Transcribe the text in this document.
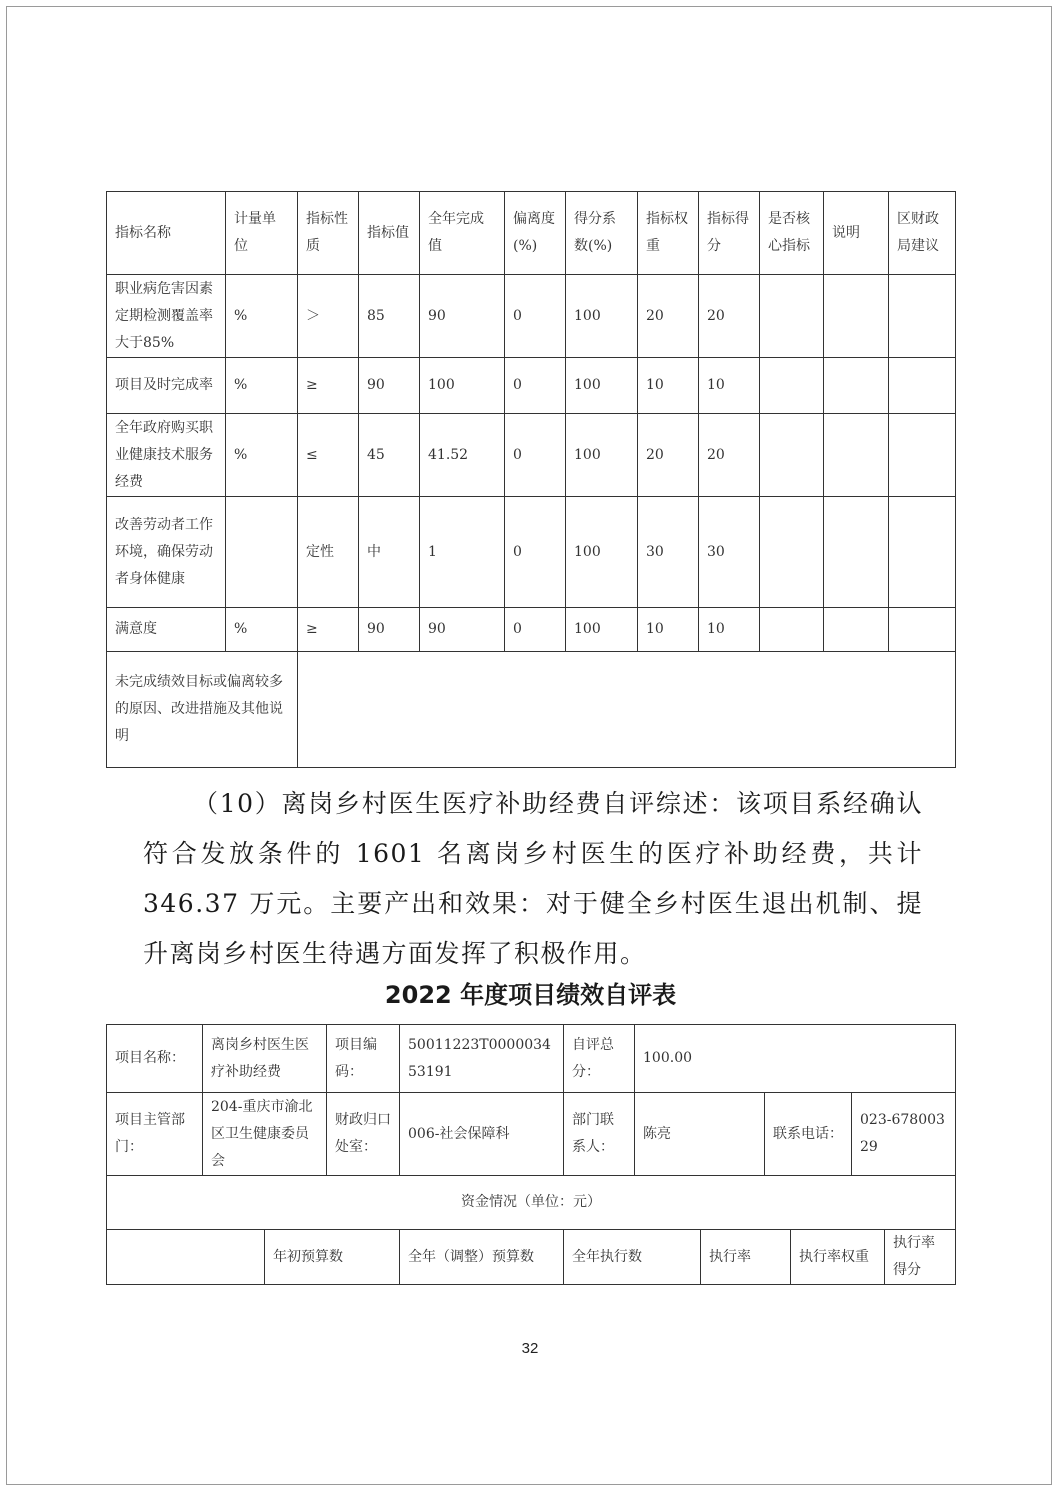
指标名称	计量单位	指标性质	指标值	全年完成值	偏离度(%)	得分系数(%)	指标权重	指标得分	是否核心指标	说明	区财政局建议
职业病危害因素定期检测覆盖率大于85%	%	＞	85	90	0	100	20	20			
项目及时完成率	%	≥	90	100	0	100	10	10			
全年政府购买职业健康技术服务经费	%	≤	45	41.52	0	100	20	20			
改善劳动者工作环境，确保劳动者身体健康		定性	中	1	0	100	30	30			
满意度	%	≥	90	90	0	100	10	10			
未完成绩效目标或偏离较多的原因、改进措施及其他说明											

（10）离岗乡村医生医疗补助经费自评综述：该项目系经确认符合发放条件的 1601 名离岗乡村医生的医疗补助经费，共计 346.37 万元。主要产出和效果：对于健全乡村医生退出机制、提升离岗乡村医生待遇方面发挥了积极作用。

2022 年度项目绩效自评表
项目名称：	离岗乡村医生医疗补助经费		项目编码：	50011223T000003453191	自评总分：	100.00					
项目主管部门：	204-重庆市渝北区卫生健康委员会		财政归口处室：	006-社会保障科	部门联系人：	陈亮		联系电话：		023-67800329	
资金情况（单位：元）											
		年初预算数		全年（调整）预算数	全年执行数		执行率		执行率权重		执行率得分
32
